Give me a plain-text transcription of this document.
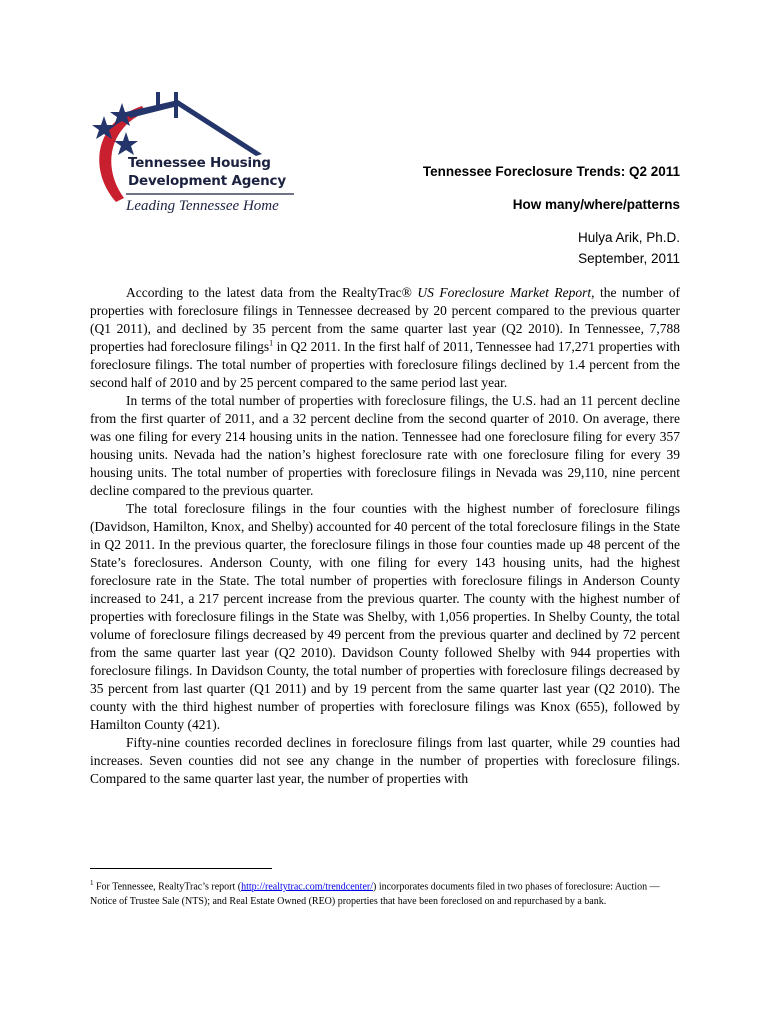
Tennessee Housing
Development Agency
Leading Tennessee Home
Tennessee Foreclosure Trends: Q2 2011
How many/where/patterns
Hulya Arik, Ph.D.
September, 2011

According to the latest data from the RealtyTrac® US Foreclosure Market Report, the number of properties with foreclosure filings in Tennessee decreased by 20 percent compared to the previous quarter (Q1 2011), and declined by 35 percent from the same quarter last year (Q2 2010). In Tennessee, 7,788 properties had foreclosure filings$^1$ in Q2 2011. In the first half of 2011, Tennessee had 17,271 properties with foreclosure filings. The total number of properties with foreclosure filings declined by 1.4 percent from the second half of 2010 and by 25 percent compared to the same period last year.

In terms of the total number of properties with foreclosure filings, the U.S. had an 11 percent decline from the first quarter of 2011, and a 32 percent decline from the second quarter of 2010. On average, there was one filing for every 214 housing units in the nation. Tennessee had one foreclosure filing for every 357 housing units. Nevada had the nation’s highest foreclosure rate with one foreclosure filing for every 39 housing units. The total number of properties with foreclosure filings in Nevada was 29,110, nine percent decline compared to the previous quarter.

The total foreclosure filings in the four counties with the highest number of foreclosure filings (Davidson, Hamilton, Knox, and Shelby) accounted for 40 percent of the total foreclosure filings in the State in Q2 2011. In the previous quarter, the foreclosure filings in those four counties made up 48 percent of the State’s foreclosures. Anderson County, with one filing for every 143 housing units, had the highest foreclosure rate in the State. The total number of properties with foreclosure filings in Anderson County increased to 241, a 217 percent increase from the previous quarter. The county with the highest number of properties with foreclosure filings in the State was Shelby, with 1,056 properties. In Shelby County, the total volume of foreclosure filings decreased by 49 percent from the previous quarter and declined by 72 percent from the same quarter last year (Q2 2010). Davidson County followed Shelby with 944 properties with foreclosure filings. In Davidson County, the total number of properties with foreclosure filings decreased by 35 percent from last quarter (Q1 2011) and by 19 percent from the same quarter last year (Q2 2010). The county with the third highest number of properties with foreclosure filings was Knox (655), followed by Hamilton County (421).

Fifty-nine counties recorded declines in foreclosure filings from last quarter, while 29 counties had increases. Seven counties did not see any change in the number of properties with foreclosure filings. Compared to the same quarter last year, the number of properties with

$^1$ For Tennessee, RealtyTrac’s report (http://realtytrac.com/trendcenter/) incorporates documents filed in two phases of foreclosure: Auction — Notice of Trustee Sale (NTS); and Real Estate Owned (REO) properties that have been foreclosed on and repurchased by a bank.
